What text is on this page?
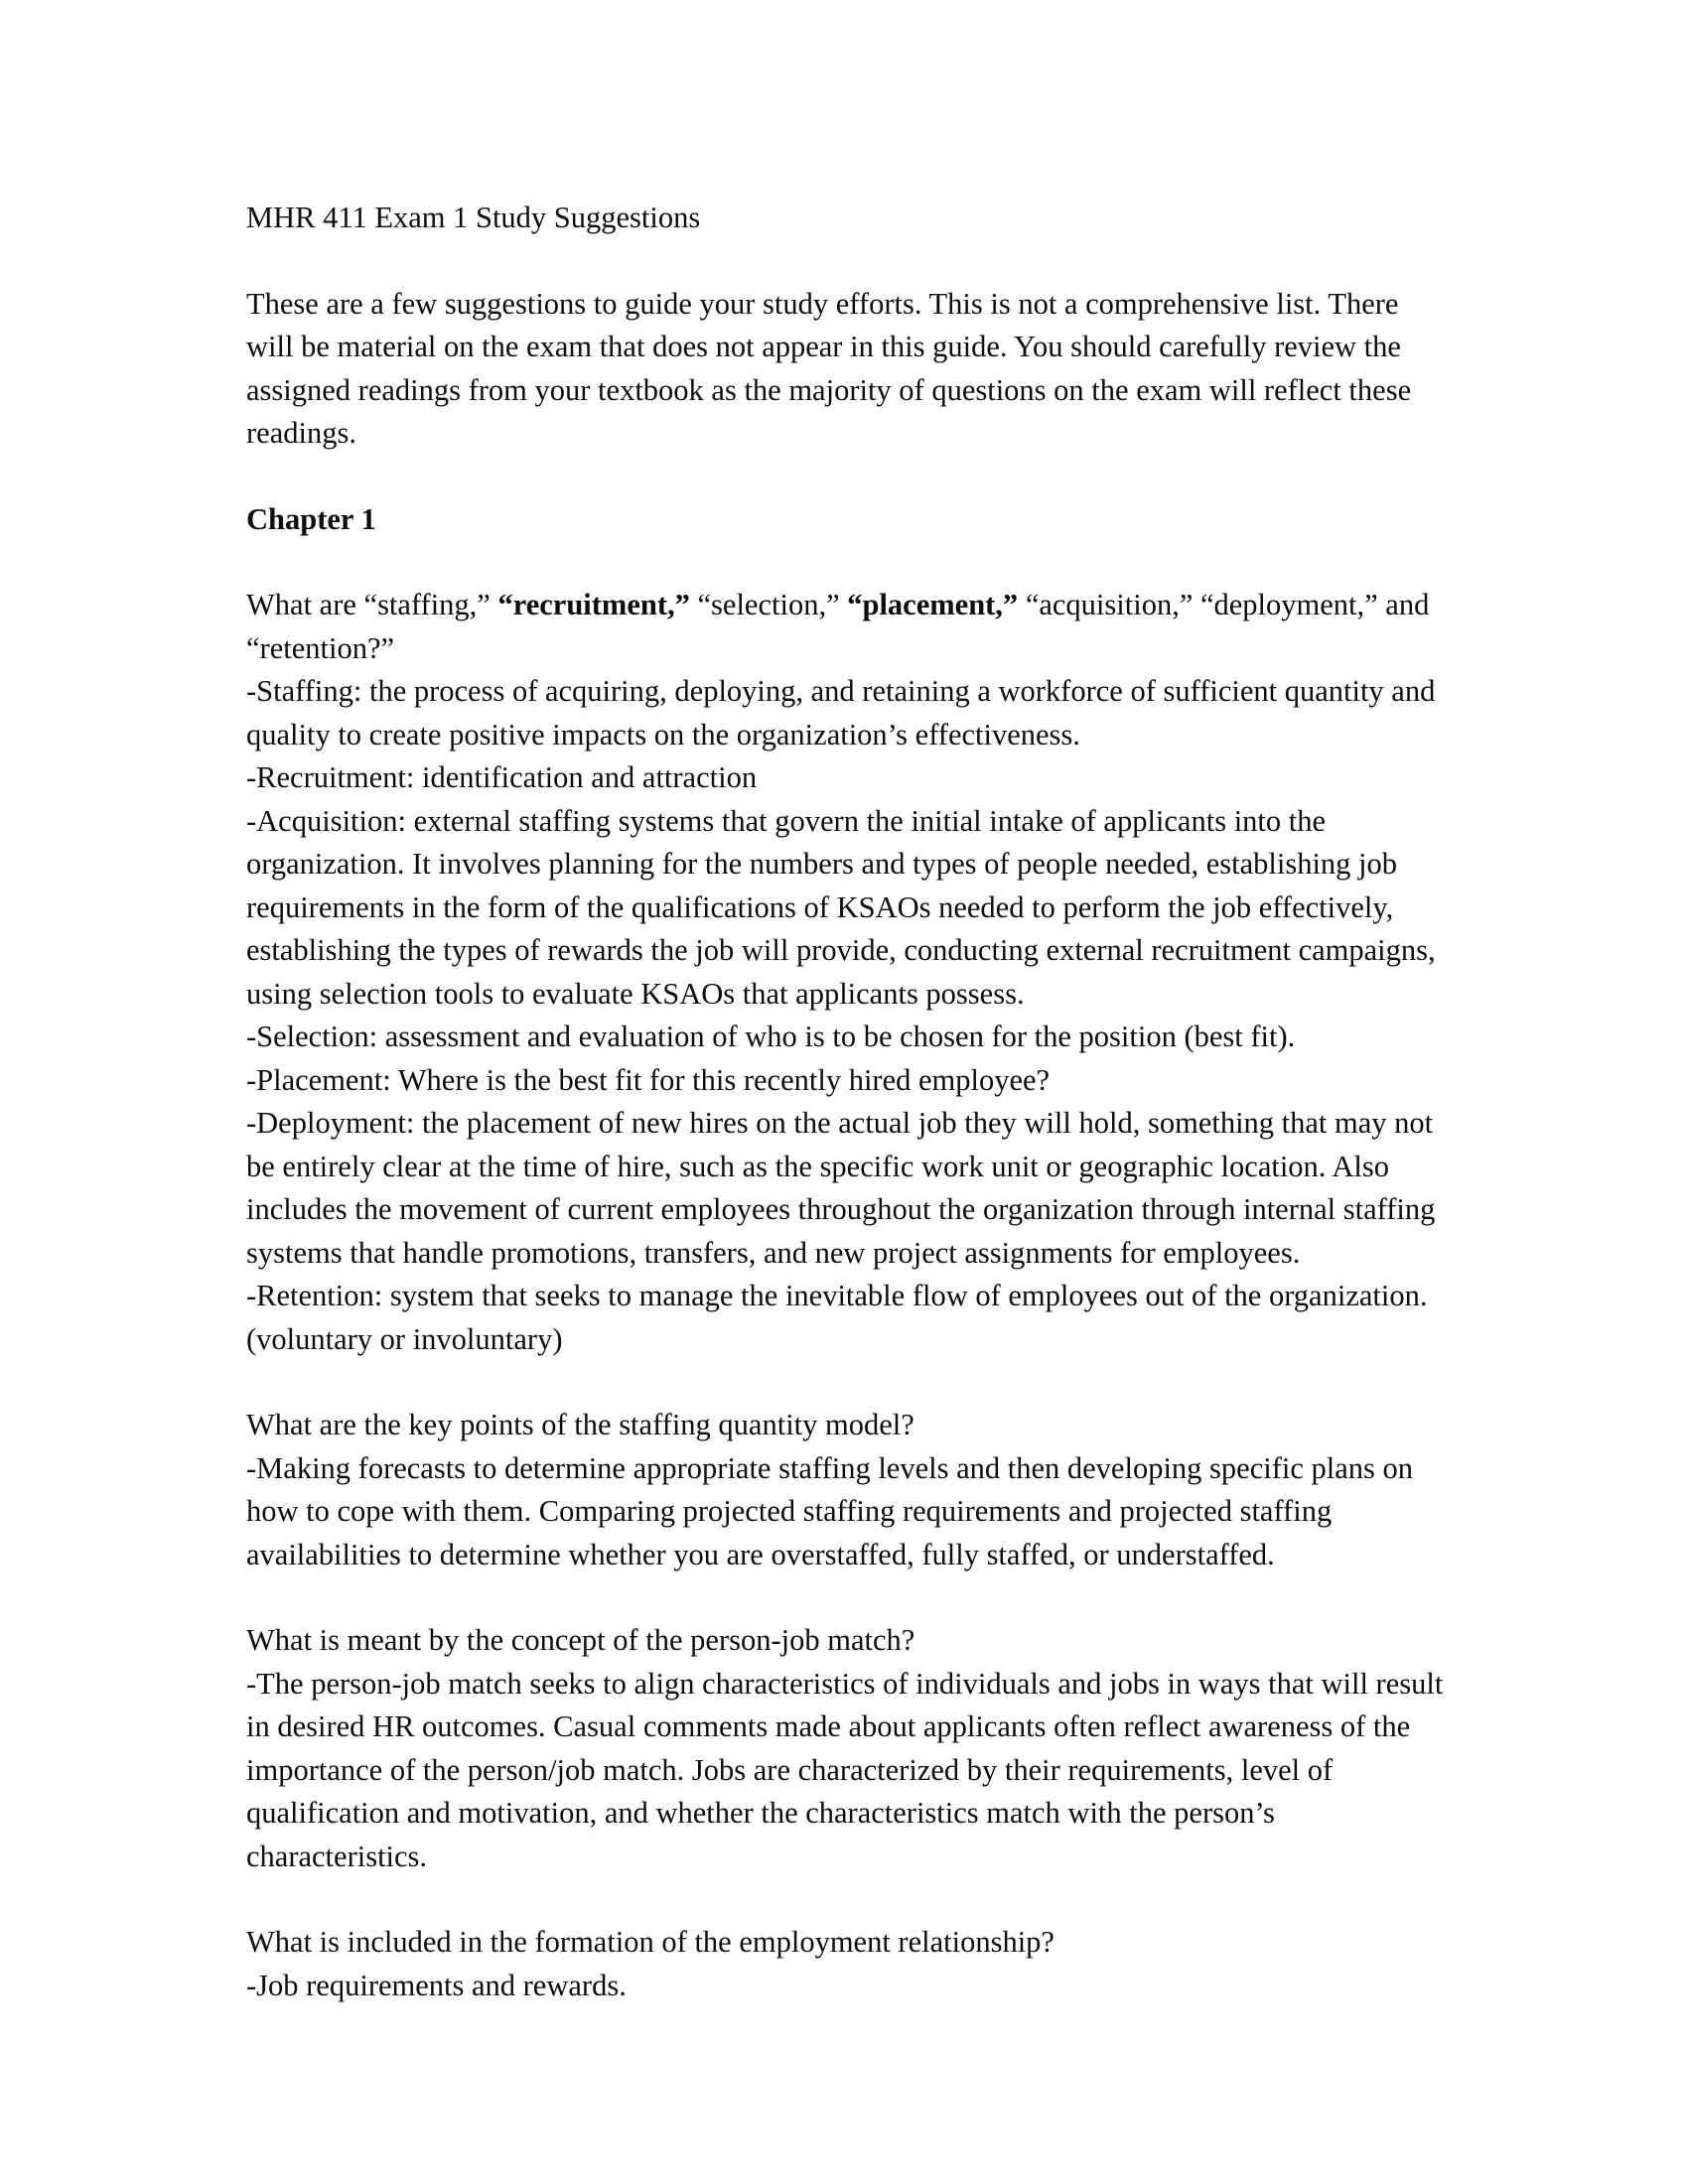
MHR 411 Exam 1 Study Suggestions

These are a few suggestions to guide your study efforts. This is not a comprehensive list. There will be material on the exam that does not appear in this guide. You should carefully review the assigned readings from your textbook as the majority of questions on the exam will reflect these readings.

Chapter 1
What are “staffing,” “recruitment,” “selection,” “placement,” “acquisition,” “deployment,” and “retention?”
-Staffing: the process of acquiring, deploying, and retaining a workforce of sufficient quantity and quality to create positive impacts on the organization’s effectiveness.
-Recruitment: identification and attraction
-Acquisition: external staffing systems that govern the initial intake of applicants into the organization. It involves planning for the numbers and types of people needed, establishing job requirements in the form of the qualifications of KSAOs needed to perform the job effectively, establishing the types of rewards the job will provide, conducting external recruitment campaigns, using selection tools to evaluate KSAOs that applicants possess.
-Selection: assessment and evaluation of who is to be chosen for the position (best fit).
-Placement: Where is the best fit for this recently hired employee?
-Deployment: the placement of new hires on the actual job they will hold, something that may not be entirely clear at the time of hire, such as the specific work unit or geographic location. Also includes the movement of current employees throughout the organization through internal staffing systems that handle promotions, transfers, and new project assignments for employees.
-Retention: system that seeks to manage the inevitable flow of employees out of the organization. (voluntary or involuntary)
What are the key points of the staffing quantity model?
-Making forecasts to determine appropriate staffing levels and then developing specific plans on how to cope with them. Comparing projected staffing requirements and projected staffing availabilities to determine whether you are overstaffed, fully staffed, or understaffed.
What is meant by the concept of the person-job match?
-The person-job match seeks to align characteristics of individuals and jobs in ways that will result in desired HR outcomes. Casual comments made about applicants often reflect awareness of the importance of the person/job match. Jobs are characterized by their requirements, level of qualification and motivation, and whether the characteristics match with the person’s characteristics.
What is included in the formation of the employment relationship?
-Job requirements and rewards.
